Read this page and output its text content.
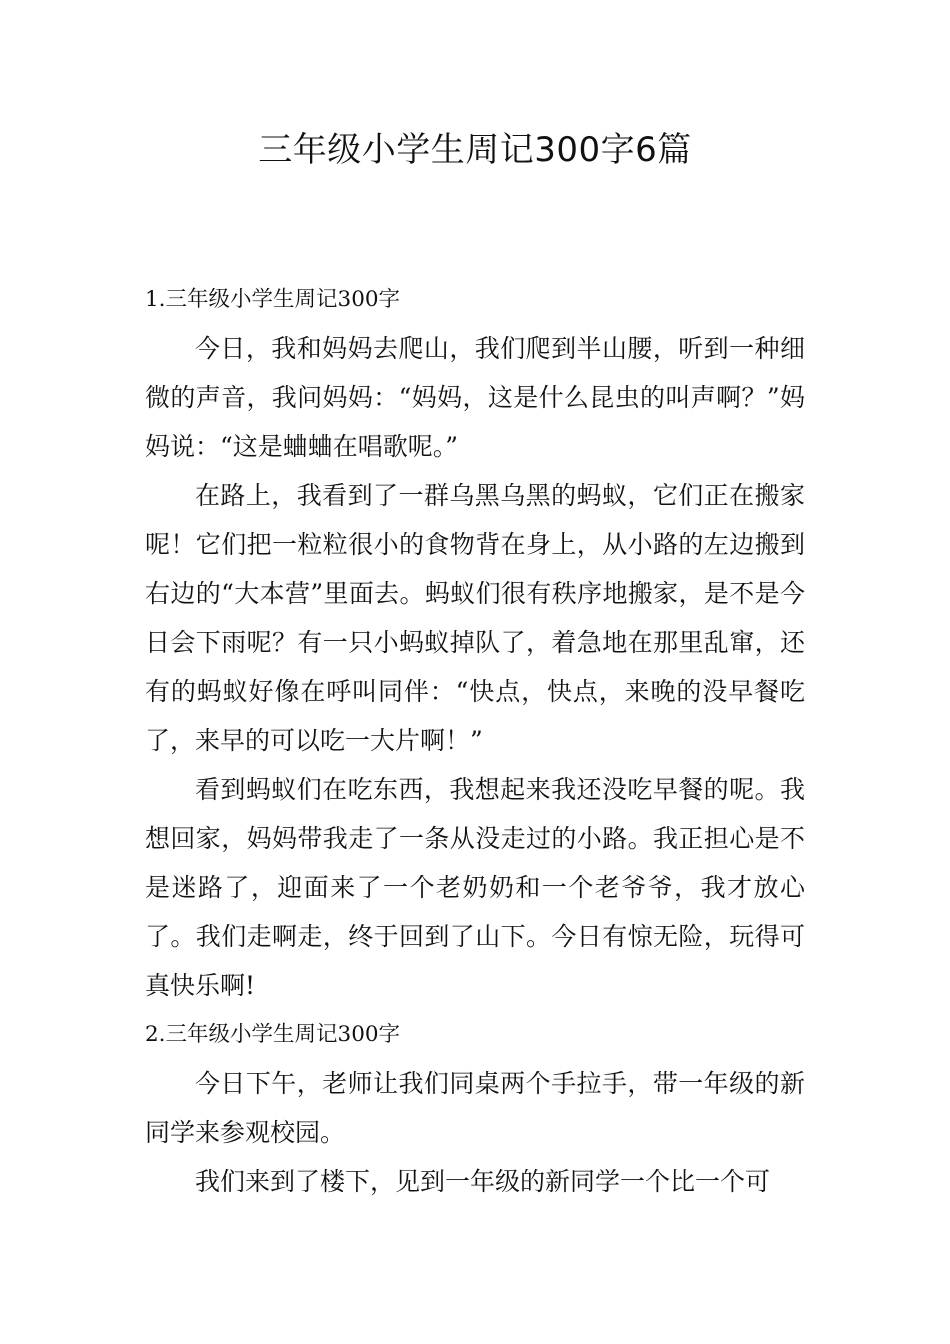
三年级小学生周记300字6篇

1.三年级小学生周记300字

今日，我和妈妈去爬山，我们爬到半山腰，听到一种细微的声音，我问妈妈：“妈妈，这是什么昆虫的叫声啊？”妈妈说：“这是蛐蛐在唱歌呢。”

在路上，我看到了一群乌黑乌黑的蚂蚁，它们正在搬家呢！它们把一粒粒很小的食物背在身上，从小路的左边搬到右边的“大本营”里面去。蚂蚁们很有秩序地搬家，是不是今日会下雨呢？有一只小蚂蚁掉队了，着急地在那里乱窜，还有的蚂蚁好像在呼叫同伴：“快点，快点，来晚的没早餐吃了，来早的可以吃一大片啊！”

看到蚂蚁们在吃东西，我想起来我还没吃早餐的呢。我想回家，妈妈带我走了一条从没走过的小路。我正担心是不是迷路了，迎面来了一个老奶奶和一个老爷爷，我才放心了。我们走啊走，终于回到了山下。今日有惊无险，玩得可真快乐啊!

2.三年级小学生周记300字

今日下午，老师让我们同桌两个手拉手，带一年级的新同学来参观校园。

我们来到了楼下，见到一年级的新同学一个比一个可
